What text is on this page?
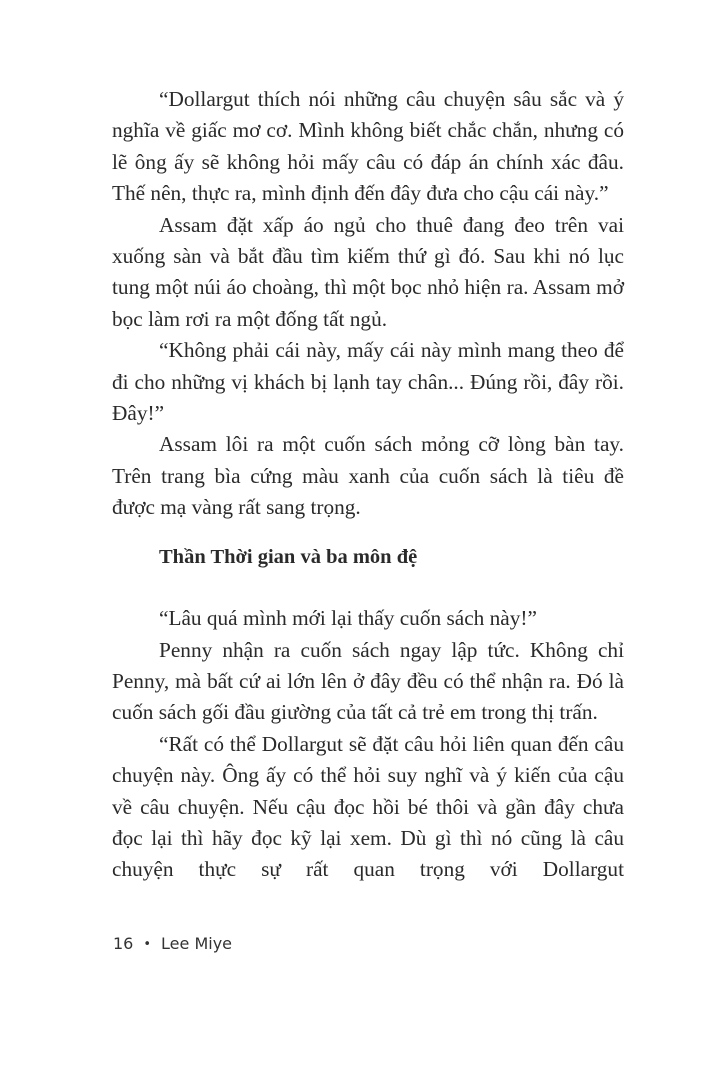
“Dollargut thích nói những câu chuyện sâu sắc và ý nghĩa về giấc mơ cơ. Mình không biết chắc chắn, nhưng có lẽ ông ấy sẽ không hỏi mấy câu có đáp án chính xác đâu. Thế nên, thực ra, mình định đến đây đưa cho cậu cái này.”

Assam đặt xấp áo ngủ cho thuê đang đeo trên vai xuống sàn và bắt đầu tìm kiếm thứ gì đó. Sau khi nó lục tung một núi áo choàng, thì một bọc nhỏ hiện ra. Assam mở bọc làm rơi ra một đống tất ngủ.

“Không phải cái này, mấy cái này mình mang theo để đi cho những vị khách bị lạnh tay chân... Đúng rồi, đây rồi. Đây!”

Assam lôi ra một cuốn sách mỏng cỡ lòng bàn tay. Trên trang bìa cứng màu xanh của cuốn sách là tiêu đề được mạ vàng rất sang trọng.

Thần Thời gian và ba môn đệ

“Lâu quá mình mới lại thấy cuốn sách này!”

Penny nhận ra cuốn sách ngay lập tức. Không chỉ Penny, mà bất cứ ai lớn lên ở đây đều có thể nhận ra. Đó là cuốn sách gối đầu giường của tất cả trẻ em trong thị trấn.

“Rất có thể Dollargut sẽ đặt câu hỏi liên quan đến câu chuyện này. Ông ấy có thể hỏi suy nghĩ và ý kiến của cậu về câu chuyện. Nếu cậu đọc hồi bé thôi và gần đây chưa đọc lại thì hãy đọc kỹ lại xem. Dù gì thì nó cũng là câu chuyện thực sự rất quan trọng với Dollargut

16 • Lee Miye
